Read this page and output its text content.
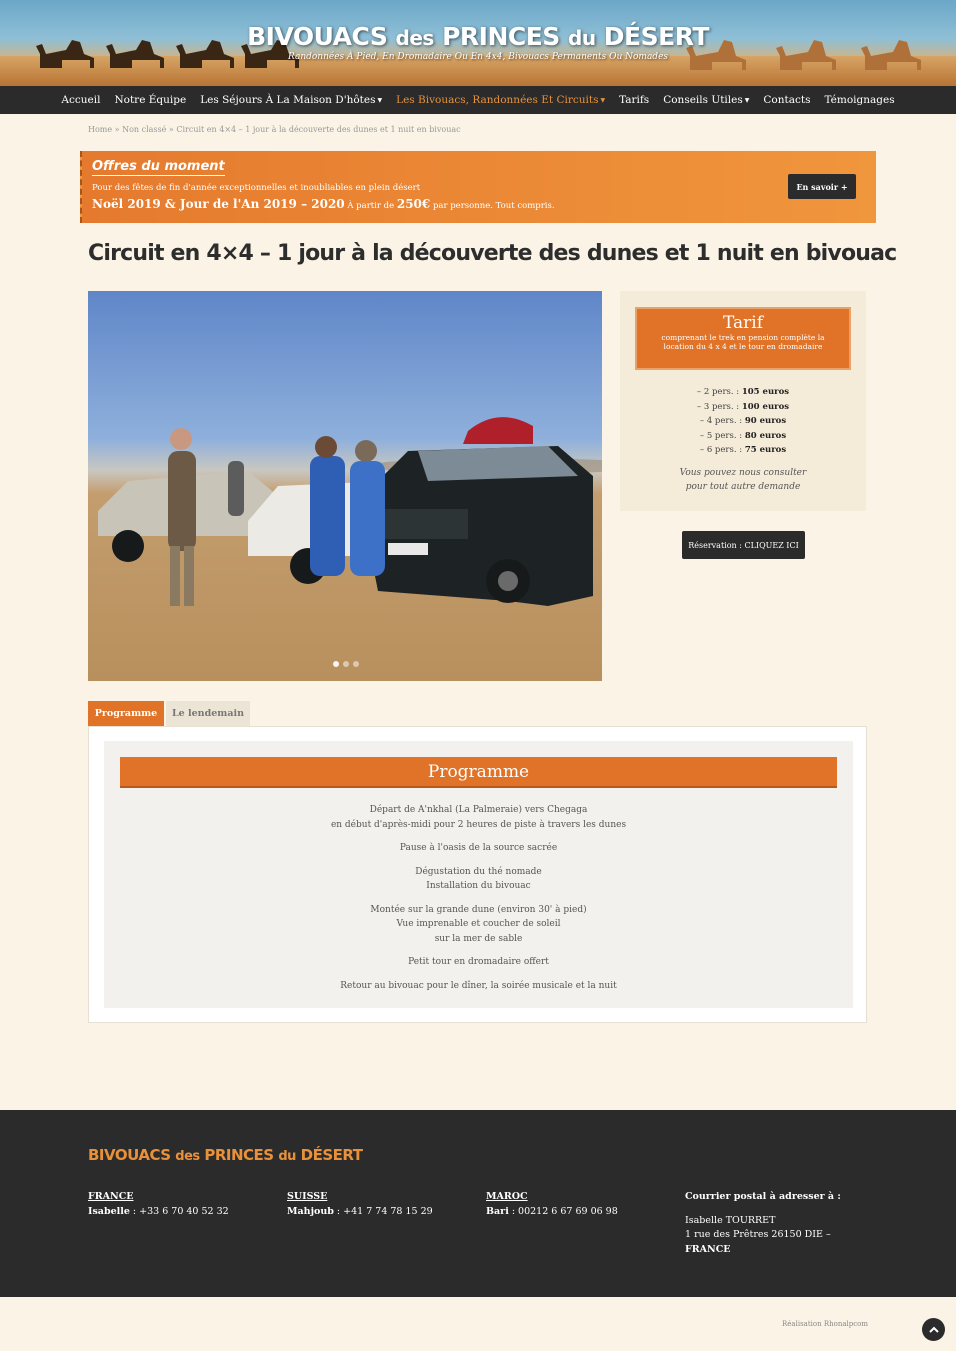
BIVOUACS des PRINCES du DÉSERT
Randonnées À Pied, En Dromadaire Ou En 4x4, Bivouacs Permanents Ou Nomades
Accueil Notre Équipe Les Séjours À La Maison D'hôtes ▼ Les Bivouacs, Randonnées Et Circuits ▼ Tarifs Conseils Utiles ▼ Contacts Témoignages
Home » Non classé » Circuit en 4×4 – 1 jour à la découverte des dunes et 1 nuit en bivouac
Offres du moment
Pour des fêtes de fin d'année exceptionnelles et inoubliables en plein désert
Noël 2019 & Jour de l'An 2019 – 2020 À partir de 250€ par personne. Tout compris.
En savoir +
Circuit en 4×4 – 1 jour à la découverte des dunes et 1 nuit en bivouac
Tarif
comprenant le trek en pension complète la location du 4 x 4 et le tour en dromadaire
– 2 pers. : 105 euros
– 3 pers. : 100 euros
– 4 pers. : 90 euros
– 5 pers. : 80 euros
– 6 pers. : 75 euros
Vous pouvez nous consulter
pour tout autre demande
Réservation : CLIQUEZ ICI
Programme	Le lendemain
Programme

Départ de A'nkhal (La Palmeraie) vers Chegaga
en début d'après-midi pour 2 heures de piste à travers les dunes

Pause à l'oasis de la source sacrée

Dégustation du thé nomade
Installation du bivouac

Montée sur la grande dune (environ 30' à pied)
Vue imprenable et coucher de soleil
sur la mer de sable

Petit tour en dromadaire offert

Retour au bivouac pour le dîner, la soirée musicale et la nuit

BIVOUACS des PRINCES du DÉSERT
FRANCE
Isabelle : +33 6 70 40 52 32
SUISSE
Mahjoub : +41 7 74 78 15 29
MAROC
Bari : 00212 6 67 69 06 98
Courrier postal à adresser à :
Isabelle TOURRET
1 rue des Prêtres 26150 DIE –
FRANCE
Réalisation Rhonalpcom
